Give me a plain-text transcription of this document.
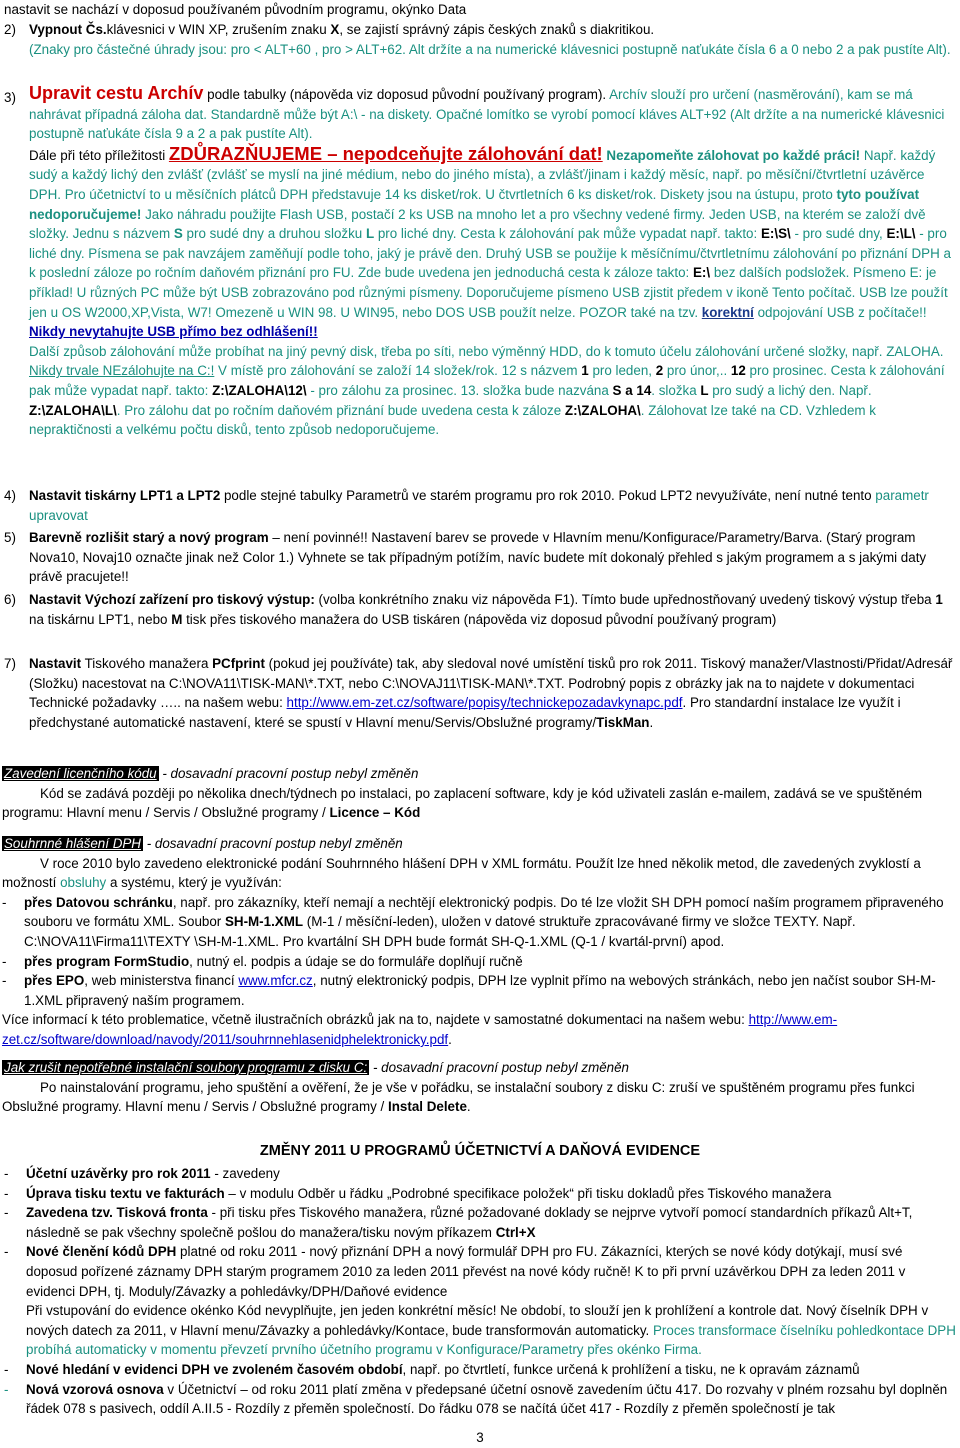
nastavit se nachází v doposud používaném původním programu, okýnko Data
2) Vypnout Čs.klávesnici v WIN XP, zrušením znaku X, se zajistí správný zápis českých znaků s diakritikou.
(Znaky pro částečné úhrady jsou: pro < ALT+60 , pro > ALT+62. Alt držíte a na numerické klávesnici postupně naťukáte čísla 6 a 0 nebo 2 a pak pustíte Alt).
3) Upravit cestu Archív podle tabulky (nápověda viz doposud původní používaný program). Archív slouží pro určení (nasměrování), kam se má nahrávat případná záloha dat. Standardně může být A:\ - na diskety. Opačné lomítko se vyrobí pomocí kláves ALT+92 (Alt držíte a na numerické klávesnici postupně naťukáte čísla 9 a 2 a pak pustíte Alt).
Dále při této příležitosti ZDŮRAZŇUJEME – nepodceňujte zálohování dat! Nezapomeňte zálohovat po každé práci! Např. každý sudý a každý lichý den zvlášť (zvlášť se myslí na jiné médium, nebo do jiného místa), a zvlášť/jinam i každý měsíc, např. po měsíční/čtvrtletní uzávěrce DPH. Pro účetnictví to u měsíčních plátců DPH představuje 14 ks disket/rok. U čtvrtletních 6 ks disket/rok. Diskety jsou na ústupu, proto tyto používat nedoporučujeme! Jako náhradu použijte Flash USB, postačí 2 ks USB na mnoho let a pro všechny vedené firmy. Jeden USB, na kterém se založí dvě složky. Jednu s názvem S pro sudé dny a druhou složku L pro liché dny. Cesta k zálohování pak může vypadat např. takto: E:\S\ - pro sudé dny, E:\L\ - pro liché dny. Písmena se pak navzájem zaměňují podle toho, jaký je právě den. Druhý USB se použije k měsíčnímu/čtvrtletnímu zálohování po přiznání DPH a k poslední záloze po ročním daňovém přiznání pro FU. Zde bude uvedena jen jednoduchá cesta k záloze takto: E:\ bez dalších podsložek. Písmeno E: je příklad! U různých PC může být USB zobrazováno pod různými písmeny. Doporučujeme písmeno USB zjistit předem v ikoně Tento počítač. USB lze použít jen u OS W2000,XP,Vista, W7! Omezeně u WIN 98. U WIN95, nebo DOS USB použít nelze. POZOR také na tzv. korektní odpojování USB z počítače!! Nikdy nevytahujte USB přímo bez odhlášení!!
Další způsob zálohování může probíhat na jiný pevný disk, třeba po síti, nebo výměnný HDD, do k tomuto účelu zálohování určené složky, např. ZALOHA. Nikdy trvale NEzálohujte na C:! V místě pro zálohování se založí 14 složek/rok. 12 s názvem 1 pro leden, 2 pro únor,.. 12 pro prosinec. Cesta k zálohování pak může vypadat např. takto: Z:\ZALOHA\12\ - pro zálohu za prosinec. 13. složka bude nazvána S a 14. složka L pro sudý a lichý den. Např. Z:\ZALOHA\L\. Pro zálohu dat po ročním daňovém přiznání bude uvedena cesta k záloze Z:\ZALOHA\. Zálohovat lze také na CD. Vzhledem k nepraktičnosti a velkému počtu disků, tento způsob nedoporučujeme.
4) Nastavit tiskárny LPT1 a LPT2 podle stejné tabulky Parametrů ve starém programu pro rok 2010. Pokud LPT2 nevyužíváte, není nutné tento parametr upravovat
5) Barevně rozlišit starý a nový program – není povinné!! Nastavení barev se provede v Hlavním menu/Konfigurace/Parametry/Barva. (Starý program Nova10, Novaj10 označte jinak než Color 1.) Vyhnete se tak případným potížím, navíc budete mít dokonalý přehled s jakým programem a s jakými daty právě pracujete!!
6) Nastavit Výchozí zařízení pro tiskový výstup: (volba konkrétního znaku viz nápověda F1). Tímto bude upřednostňovaný uvedený tiskový výstup třeba 1 na tiskárnu LPT1, nebo M tisk přes tiskového manažera do USB tiskáren (nápověda viz doposud původní používaný program)
7) Nastavit Tiskového manažera PCfprint (pokud jej používáte) tak, aby sledoval nové umístění tisků pro rok 2011. Tiskový manažer/Vlastnosti/Přidat/Adresář (Složku) nacestovat na C:\NOVA11\TISK-MAN\*.TXT, nebo C:\NOVAJ11\TISK-MAN\*.TXT. Podrobný popis z obrázky jak na to najdete v dokumentaci Technické požadavky ….. na našem webu: http://www.em-zet.cz/software/popisy/technickepozadavkynapc.pdf. Pro standardní instalace lze využít i předchystané automatické nastavení, které se spustí v Hlavní menu/Servis/Obslužné programy/TiskMan.
Zavedení licenčního kódu - dosavadní pracovní postup nebyl změněn
Kód se zadává později po několika dnech/týdnech po instalaci, po zaplacení software, kdy je kód uživateli zaslán e-mailem, zadává se ve spuštěném programu: Hlavní menu / Servis / Obslužné programy / Licence – Kód
Souhrnné hlášení DPH - dosavadní pracovní postup nebyl změněn
V roce 2010 bylo zavedeno elektronické podání Souhrnného hlášení DPH v XML formátu. Použít lze hned několik metod, dle zavedených zvyklostí a možností obsluhy a systému, který je využíván:
- přes Datovou schránku, např. pro zákazníky, kteří nemají a nechtějí elektronický podpis. Do té lze vložit SH DPH pomocí naším programem připraveného souboru ve formátu XML. Soubor SH-M-1.XML (M-1 / měsíční-leden), uložen v datové struktuře zpracovávané firmy ve složce TEXTY. Např. C:\NOVA11\Firma11\TEXTY \SH-M-1.XML. Pro kvartální SH DPH bude formát SH-Q-1.XML (Q-1 / kvartál-první) apod.
- přes program FormStudio, nutný el. podpis a údaje se do formuláře doplňují ručně
- přes EPO, web ministerstva financí www.mfcr.cz, nutný elektronický podpis, DPH lze vyplnit přímo na webových stránkách, nebo jen načíst soubor SH-M-1.XML připravený naším programem.
Více informací k této problematice, včetně ilustračních obrázků jak na to, najdete v samostatné dokumentaci na našem webu: http://www.em-zet.cz/software/download/navody/2011/souhrnnehlasenidphelektronicky.pdf.
Jak zrušit nepotřebné instalační soubory programu z disku C: - dosavadní pracovní postup nebyl změněn
Po nainstalování programu, jeho spuštění a ověření, že je vše v pořádku, se instalační soubory z disku C: zruší ve spuštěném programu přes funkci Obslužné programy. Hlavní menu / Servis / Obslužné programy / Instal Delete.
ZMĚNY 2011 U PROGRAMŮ ÚČETNICTVÍ A DAŇOVÁ EVIDENCE
- Účetní uzávěrky pro rok 2011 - zavedeny
- Úprava tisku textu ve fakturách – v modulu Odběr u řádku „Podrobné specifikace položek“ při tisku dokladů přes Tiskového manažera
- Zavedena tzv. Tisková fronta - při tisku přes Tiskového manažera, různé požadované doklady se nejprve vytvoří pomocí standardních příkazů Alt+T, následně se pak všechny společně pošlou do manažera/tisku novým příkazem Ctrl+X
- Nové členění kódů DPH platné od roku 2011 - nový přiznání DPH a nový formulář DPH pro FU. Zákazníci, kterých se nové kódy dotýkají, musí své doposud pořízené záznamy DPH starým programem 2010 za leden 2011 převést na nové kódy ručně! K to při první uzávěrkou DPH za leden 2011 v evidenci DPH, tj. Moduly/Závazky a pohledávky/DPH/Daňové evidence
Při vstupování do evidence okénko Kód nevyplňujte, jen jeden konkrétní měsíc! Ne období, to slouží jen k prohlížení a kontrole dat. Nový číselník DPH v nových datech za 2011, v Hlavní menu/Závazky a pohledávky/Kontace, bude transformován automaticky. Proces transformace číselníku pohledkontace DPH probíhá automaticky v momentu převzetí prvního účetního programu v Konfigurace/Parametry přes okénko Firma.
- Nové hledání v evidenci DPH ve zvoleném časovém období, např. po čtvrtletí, funkce určená k prohlížení a tisku, ne k opravám záznamů
- Nová vzorová osnova v Účetnictví – od roku 2011 platí změna v předepsané účetní osnově zavedením účtu 417. Do rozvahy v plném rozsahu byl doplněn řádek 078 s pasivech, oddíl A.II.5 - Rozdíly z přeměn společností. Do řádku 078 se načítá účet 417 - Rozdíly z přeměn společností je tak
3
